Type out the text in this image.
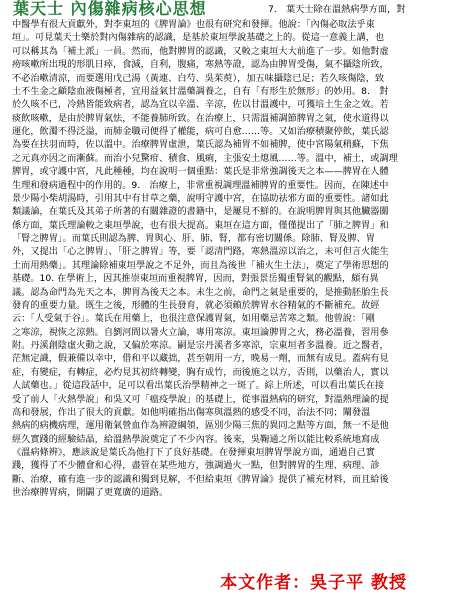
葉天士 內傷雜病核心思想	7.　葉天士除在溫熱病學方面，對

中醫學有很大貢獻外，對李東垣的《脾胃論》也很有研究和發揮。他說：「內傷必取法乎東

垣」。可見葉天士樂於對內傷雜病的認識，是基於東垣學說基礎之上的。從這一意義上講，也

可以稱其為「補土派」一員。然而，他對脾胃的認識，又較之東垣大大前進了一步。如他對虛

痨咳嗽所出現的形肌日瘁，食減，自利，腹痛，寒熱等證，認為由脾胃受傷，氣不攝陰所致，

不必治嗽清涼，而要選用戊己湯（黃連、白芍、吳茱萸），加五味攝陰已足；若久咳傷陰，致

土不生金之顧陰血液傷極者，宜用益氣甘溫藥調養之，自有「有形生於無形」的妙用。8.　對

於久咳不已，冷熱皆能致病者，認為宜以辛溫、辛涼，佐以甘溫護中，可獲培土生金之效。若

痰飲咳嗽，是由於脾胃氣怯，不能養肺所致。在治療上，只需溫補調節脾胃之氣，使水道得以

運化，飲濁不得泛溢，而肺金職司便得了權能，病可自愈……等。又如治療積聚停飲，葉氏認

為要在扶羽而時，佐以溫中。治療脾胃虛泄，葉氏認為補胃不如補脾，使中宮陽氣稍蘇，下焦

之元真亦因之而漸蘇。而治小兒驚疳、積食、風痢，主張安土熄風……等。溫中，補土，或調理

脾胃，或守護中宮，凡此種種，均在說明一個重點：葉氏是非常強調後天之本——脾胃在人體

生理和發病過程中的作用的。9.　治療上，非常重視調理溫補脾胃的重要性。因而，在陳述中

景少陽小柴胡湯時，引用其中有甘草之藥，說明守護中宮，在協助祛邪方面的重要性。諸如此

類議論，在葉氏及其弟子所著的有關雜證的書籍中，是屢見不鮮的。在說明脾胃與其他臟器關

係方面，葉氏理論較之東垣學說，也有很大提高。東垣在這方面，僅僅提出了「肺之脾胃」和

「腎之脾胃」。而葉氏則認為脾、胃與心、肝、肺、腎，都有密切關係。除肺、腎及脾、胃

外，又提出「心之脾胃」、「肝之脾胃」等，要「認清門路，寒熱溫涼以治之，未可但言火能生

土而用熱藥」。其理論除補東垣學說之不足外，而且為後世「補火生土法」，奠定了學術思想的

基礎。10. 在學術上，因其推崇東垣而重視脾胃，因而，對張景岳獨重腎氣的觀點，頗有異

議。認為命門為先天之本，脾胃為後天之本。未生之前，命門之氣是重要的，是推動胚胎生長

發育的重要力量。既生之後，形體的生長發育，就必須賴於脾胃水谷精氣的不斷補充。故經

云：「人受氣于谷」。葉氏在用藥上，也很注意保護胃氣，如用藥忌苦寒之類。他曾說：「剛

之寒涼，視恢之涼熱。自劉河間以暑火立論，專用寒涼。東垣論脾胃之火，務必溫養，習用參

附。丹溪創陰虛火動之說，又偏於寒涼。嗣是宗丹溪者多寒涼，宗東垣者多溫養。近之醫者，

茫無定識，假兼備以幸中，借和平以藏拙，甚至朝用一方，晚易一劑，而無有成見。蓋病有見

症，有變症，有轉症，必灼見其初終轉變，胸有成竹，而後施之以方，否則，以藥治人，實以

人試藥也。」從這段話中，足可以看出葉氏治學精神之一斑了。綜上所述，可以看出葉氏在接

受了前人「火熱學說」和吳又可「瘟疫學說」的基礎上，從事溫熱病的研究，對溫熱理論的提

高和發展，作出了很大的貢獻。如他明確指出傷寒與溫熱的感受不同，治法不同；闡發溫

熱病的病機病理，運用衛氣營血作為辨證綱領，區別少陽三焦的異同之點等方面，無一不是他

經久實踐的經驗結晶，給溫熱學說奠定了不少內容。後來，吳鞠通之所以能比較系統地寫成

《溫病條辨》，應該說是葉氏為他打下了良好基礎。在發揮東垣脾胃學說方面，通過自己實

踐，獲得了不少體會和心得，盡管在某些地方，強調過火一點，但對脾胃的生理、病理、診

斷、治療，確有進一步的認識和獨到見解，不但給東垣《脾胃論》提供了補充材料，而且給後

世治療脾胃病，開闢了更寬廣的道路。

本文作者：吳子平 教授
